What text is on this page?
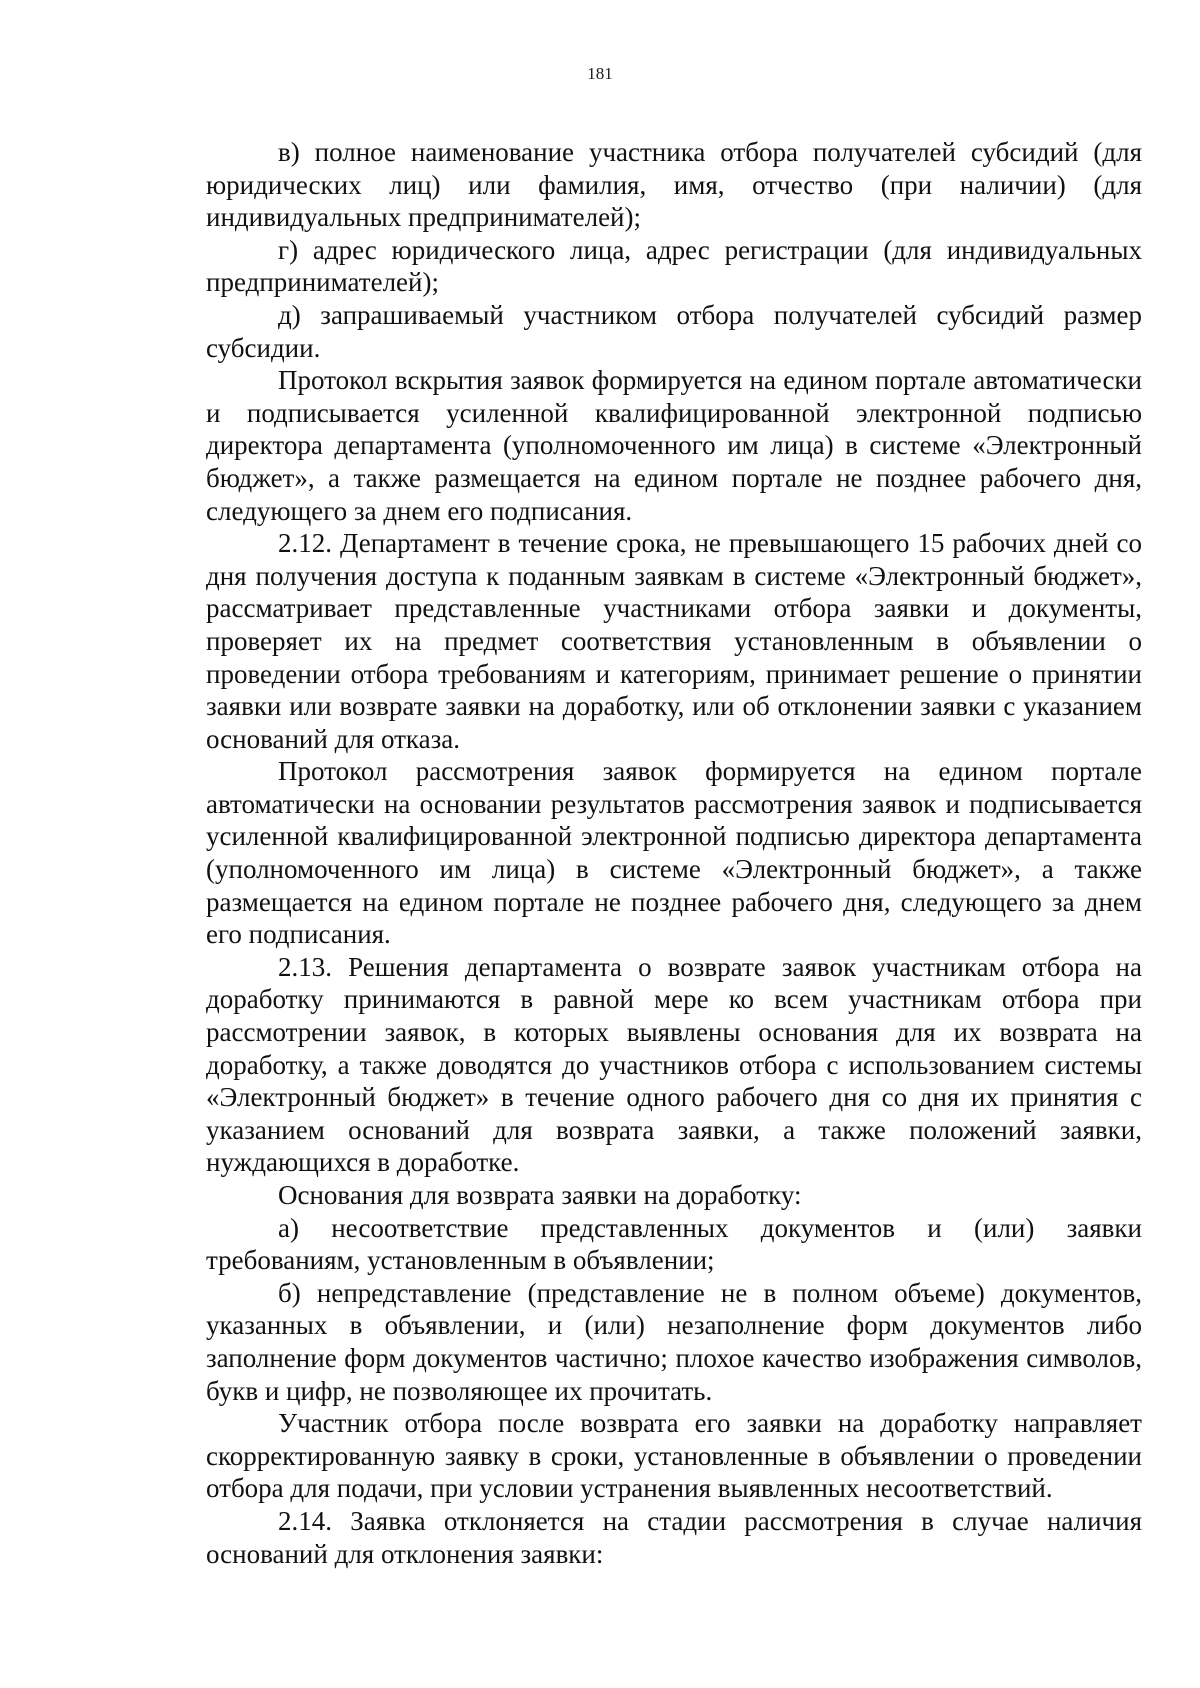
181

в) полное наименование участника отбора получателей субсидий (для юридических лиц) или фамилия, имя, отчество (при наличии) (для индивидуальных предпринимателей);

г) адрес юридического лица, адрес регистрации (для индивидуальных предпринимателей);

д) запрашиваемый участником отбора получателей субсидий размер субсидии.

Протокол вскрытия заявок формируется на едином портале автоматически и подписывается усиленной квалифицированной электронной подписью директора департамента (уполномоченного им лица) в системе «Электронный бюджет», а также размещается на едином портале не позднее рабочего дня, следующего за днем его подписания.

2.12. Департамент в течение срока, не превышающего 15 рабочих дней со дня получения доступа к поданным заявкам в системе «Электронный бюджет», рассматривает представленные участниками отбора заявки и документы, проверяет их на предмет соответствия установленным в объявлении о проведении отбора требованиям и категориям, принимает решение о принятии заявки или возврате заявки на доработку, или об отклонении заявки с указанием оснований для отказа.

Протокол рассмотрения заявок формируется на едином портале автоматически на основании результатов рассмотрения заявок и подписывается усиленной квалифицированной электронной подписью директора департамента (уполномоченного им лица) в системе «Электронный бюджет», а также размещается на едином портале не позднее рабочего дня, следующего за днем его подписания.

2.13. Решения департамента о возврате заявок участникам отбора на доработку принимаются в равной мере ко всем участникам отбора при рассмотрении заявок, в которых выявлены основания для их возврата на доработку, а также доводятся до участников отбора с использованием системы «Электронный бюджет» в течение одного рабочего дня со дня их принятия с указанием оснований для возврата заявки, а также положений заявки, нуждающихся в доработке.

Основания для возврата заявки на доработку:

а) несоответствие представленных документов и (или) заявки требованиям, установленным в объявлении;

б) непредставление (представление не в полном объеме) документов, указанных в объявлении, и (или) незаполнение форм документов либо заполнение форм документов частично; плохое качество изображения символов, букв и цифр, не позволяющее их прочитать.

Участник отбора после возврата его заявки на доработку направляет скорректированную заявку в сроки, установленные в объявлении о проведении отбора для подачи, при условии устранения выявленных несоответствий.

2.14. Заявка отклоняется на стадии рассмотрения в случае наличия оснований для отклонения заявки:
